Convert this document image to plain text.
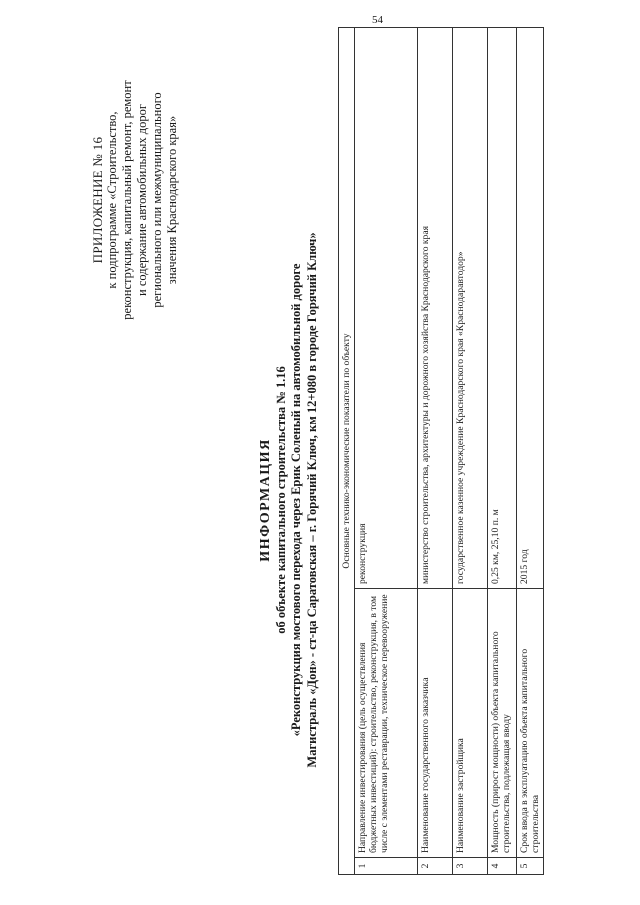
54
ПРИЛОЖЕНИЕ № 16 к подпрограмме «Строительство, реконструкция, капитальный ремонт, ремонт и содержание автомобильных дорог регионального или межмуниципального значения Краснодарского края»
ИНФОРМАЦИЯ об объекте капитального строительства № 1.16 «Реконструкция мостового перехода через Ерик Соленый на автомобильной дороге Магистраль «Дон» - ст-ца Саратовская – г. Горячий Ключ, км 12+080 в городе Горячий Ключ» Основные технико-экономические показатели по объекту		
1	Направление инвестирования (цель осуществления бюджетных инвестиций): строительство, реконструкция, в том числе с элементами реставрации, техническое перевооружение	реконструкция
2	Наименование государственного заказчика	министерство строительства, архитектуры и дорожного хозяйства Краснодарского края
3	Наименование застройщика	государственное казенное учреждение Краснодарского края «Краснодаравтодор»
4	Мощность (прирост мощности) объекта капитального строительства, подлежащая вводу	0,25 км, 25,10 п. м
5	Срок ввода в эксплуатацию объекта капитального строительства	2015 год
